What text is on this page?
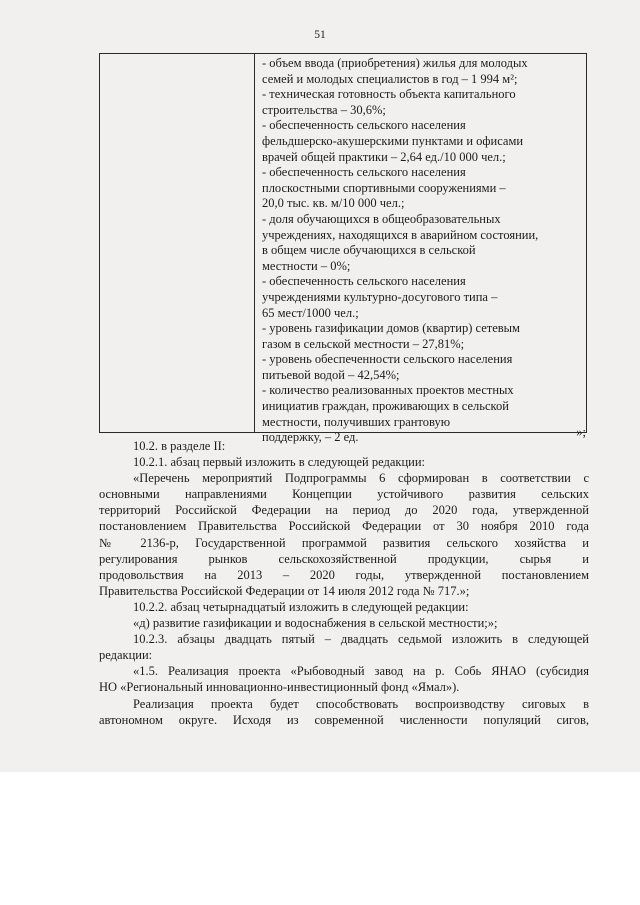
51
- объем ввода (приобретения) жилья для молодых
семей и молодых специалистов в год – 1 994 м²;
- техническая готовность объекта капитального
строительства – 30,6%;
- обеспеченность сельского населения
фельдшерско-акушерскими пунктами и офисами
врачей общей практики – 2,64 ед./10 000 чел.;
- обеспеченность сельского населения
плоскостными спортивными сооружениями –
20,0 тыс. кв. м/10 000 чел.;
- доля обучающихся в общеобразовательных
учреждениях, находящихся в аварийном состоянии,
в общем числе обучающихся в сельской
местности – 0%;
- обеспеченность сельского населения
учреждениями культурно-досугового типа –
65 мест/1000 чел.;
- уровень газификации домов (квартир) сетевым
газом в сельской местности – 27,81%;
- уровень обеспеченности сельского населения
питьевой водой – 42,54%;
- количество реализованных проектов местных
инициатив граждан, проживающих в сельской
местности, получивших грантовую
поддержку, – 2 ед.	»;
10.2. в разделе II:
10.2.1. абзац первый изложить в следующей редакции:
«Перечень мероприятий Подпрограммы 6 сформирован в соответствии с
основными направлениями Концепции устойчивого развития сельских
территорий Российской Федерации на период до 2020 года, утвержденной
постановлением Правительства Российской Федерации от 30 ноября 2010 года
№ 2136-р, Государственной программой развития сельского хозяйства и
регулирования рынков сельскохозяйственной продукции, сырья и
продовольствия на 2013 – 2020 годы, утвержденной постановлением
Правительства Российской Федерации от 14 июля 2012 года № 717.»;
10.2.2. абзац четырнадцатый изложить в следующей редакции:
«д) развитие газификации и водоснабжения в сельской местности;»;
10.2.3. абзацы двадцать пятый – двадцать седьмой изложить в следующей
редакции:
«1.5. Реализация проекта «Рыбоводный завод на р. Собь ЯНАО (субсидия
НО «Региональный инновационно-инвестиционный фонд «Ямал»).
Реализация проекта будет способствовать воспроизводству сиговых в
автономном округе. Исходя из современной численности популяций сигов,
